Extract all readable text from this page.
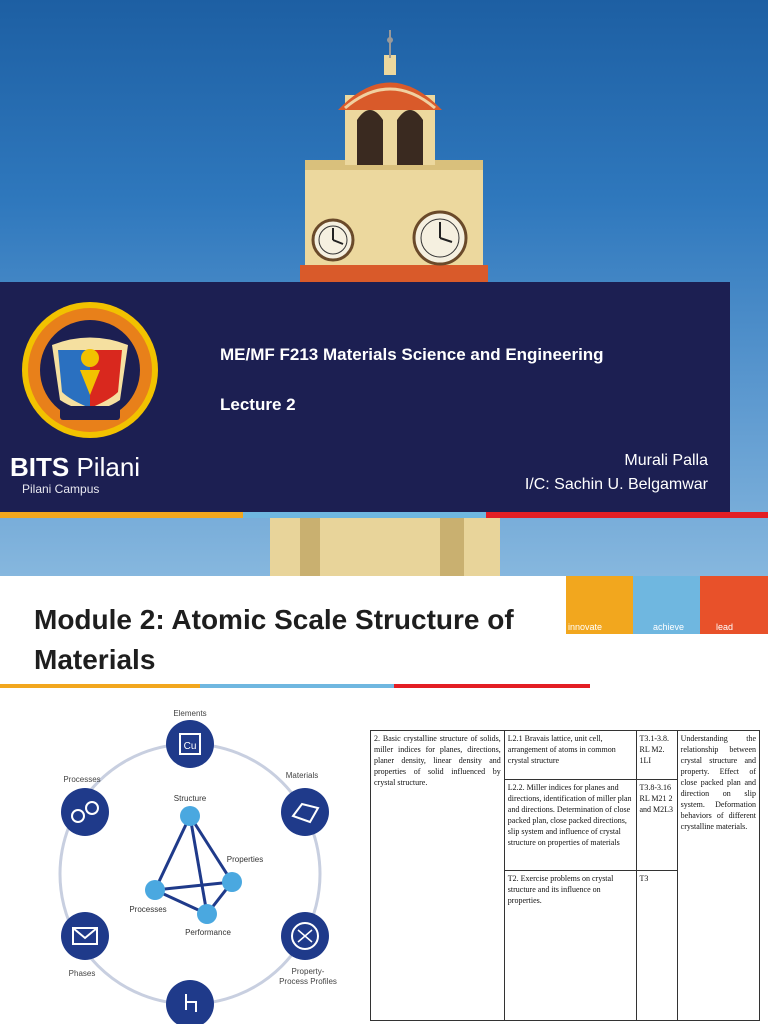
BITS Pilani
Pilani Campus
ME/MF F213 Materials Science and Engineering
Lecture 2
Murali Palla
I/C: Sachin U. Belgamwar
Module 2: Atomic Scale Structure of Materials
innovate	achieve	lead
Cu
Elements
Materials
Property-
Process Profiles
Phases
Processes
Structure
Properties
Processes
Performance
2. Basic crystalline structure of solids, miller indices for planes, directions, planer density, linear density and properties of solid influenced by crystal structure.	L2.1 Bravais lattice, unit cell, arrangement of atoms in common crystal structure	T3.1-3.8. RL M2. 1LI	Understanding the relationship between crystal structure and property. Effect of close packed plan and direction on slip system. Deformation behaviors of different crystalline materials.
	L2.2. Miller indices for planes and directions, identification of miller plan and directions. Determination of close packed plan, close packed directions, slip system and influence of crystal structure on properties of materials	T3.8-3.16 RL M21 2 and M2L3	
	T2. Exercise problems on crystal structure and its influence on properties.	T3	
